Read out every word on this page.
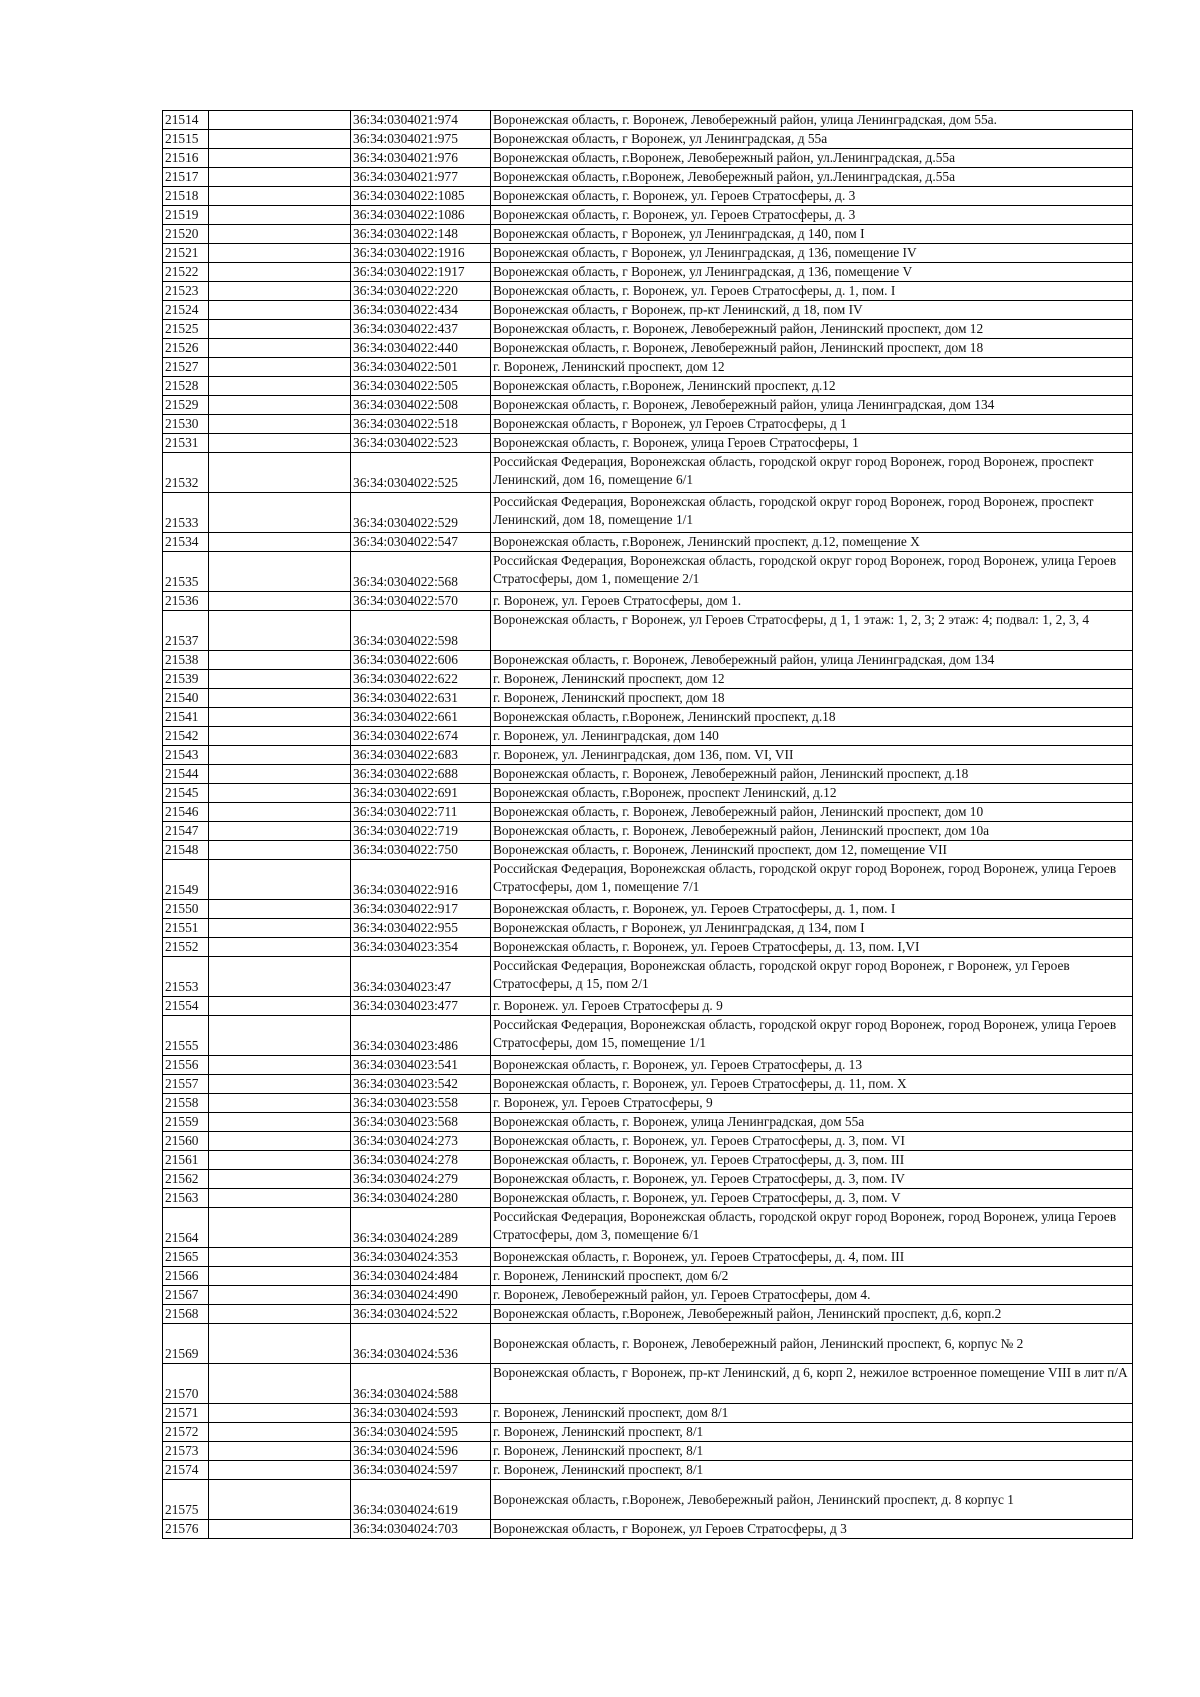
21514		36:34:0304021:974	Воронежская область, г. Воронеж, Левобережный район, улица Ленинградская, дом 55а.
21515		36:34:0304021:975	Воронежская область, г Воронеж, ул Ленинградская, д 55а
21516		36:34:0304021:976	Воронежская область, г.Воронеж, Левобережный район, ул.Ленинградская, д.55а
21517		36:34:0304021:977	Воронежская область, г.Воронеж, Левобережный район, ул.Ленинградская, д.55а
21518		36:34:0304022:1085	Воронежская область, г. Воронеж, ул. Героев Стратосферы, д. 3
21519		36:34:0304022:1086	Воронежская область, г. Воронеж, ул. Героев Стратосферы, д. 3
21520		36:34:0304022:148	Воронежская область, г Воронеж, ул Ленинградская, д 140, пом I
21521		36:34:0304022:1916	Воронежская область, г Воронеж, ул Ленинградская, д 136, помещение IV
21522		36:34:0304022:1917	Воронежская область, г Воронеж, ул Ленинградская, д 136, помещение V
21523		36:34:0304022:220	Воронежская область, г. Воронеж, ул. Героев Стратосферы, д. 1, пом. I
21524		36:34:0304022:434	Воронежская область, г Воронеж, пр-кт Ленинский, д 18, пом IV
21525		36:34:0304022:437	Воронежская область, г. Воронеж, Левобережный район, Ленинский проспект, дом 12
21526		36:34:0304022:440	Воронежская область, г. Воронеж, Левобережный район, Ленинский проспект, дом 18
21527		36:34:0304022:501	г. Воронеж, Ленинский проспект, дом 12
21528		36:34:0304022:505	Воронежская область, г.Воронеж, Ленинский проспект, д.12
21529		36:34:0304022:508	Воронежская область, г. Воронеж, Левобережный район, улица Ленинградская, дом 134
21530		36:34:0304022:518	Воронежская область, г Воронеж, ул Героев Стратосферы, д 1
21531		36:34:0304022:523	Воронежская область, г. Воронеж, улица Героев Стратосферы, 1
21532		36:34:0304022:525	Российская Федерация, Воронежская область, городской округ город Воронеж, город Воронеж, проспект Ленинский, дом 16, помещение 6/1
21533		36:34:0304022:529	Российская Федерация, Воронежская область, городской округ город Воронеж, город Воронеж, проспект Ленинский, дом 18, помещение 1/1
21534		36:34:0304022:547	Воронежская область, г.Воронеж, Ленинский проспект, д.12, помещение X
21535		36:34:0304022:568	Российская Федерация, Воронежская область, городской округ город Воронеж, город Воронеж, улица Героев Стратосферы, дом 1, помещение 2/1
21536		36:34:0304022:570	г. Воронеж, ул. Героев Стратосферы, дом 1.
21537		36:34:0304022:598	Воронежская область, г Воронеж, ул Героев Стратосферы, д 1, 1 этаж: 1, 2, 3; 2 этаж: 4; подвал: 1, 2, 3, 4
21538		36:34:0304022:606	Воронежская область, г. Воронеж, Левобережный район, улица Ленинградская, дом 134
21539		36:34:0304022:622	г. Воронеж, Ленинский проспект, дом 12
21540		36:34:0304022:631	г. Воронеж, Ленинский проспект, дом 18
21541		36:34:0304022:661	Воронежская область, г.Воронеж, Ленинский проспект, д.18
21542		36:34:0304022:674	г. Воронеж, ул. Ленинградская, дом 140
21543		36:34:0304022:683	г. Воронеж, ул. Ленинградская, дом 136, пом. VI, VII
21544		36:34:0304022:688	Воронежская область, г. Воронеж, Левобережный район, Ленинский проспект, д.18
21545		36:34:0304022:691	Воронежская область, г.Воронеж, проспект Ленинский, д.12
21546		36:34:0304022:711	Воронежская область, г. Воронеж, Левобережный район, Ленинский проспект, дом 10
21547		36:34:0304022:719	Воронежская область, г. Воронеж, Левобережный район, Ленинский проспект, дом 10а
21548		36:34:0304022:750	Воронежская область, г. Воронеж, Ленинский проспект, дом 12, помещение VII
21549		36:34:0304022:916	Российская Федерация, Воронежская область, городской округ город Воронеж, город Воронеж, улица Героев Стратосферы, дом 1, помещение 7/1
21550		36:34:0304022:917	Воронежская область, г. Воронеж, ул. Героев Стратосферы, д. 1, пом. I
21551		36:34:0304022:955	Воронежская область, г Воронеж, ул Ленинградская, д 134, пом I
21552		36:34:0304023:354	Воронежская область, г. Воронеж, ул. Героев Стратосферы, д. 13, пом. I,VI
21553		36:34:0304023:47	Российская Федерация, Воронежская область, городской округ город Воронеж, г Воронеж, ул Героев Стратосферы, д 15, пом 2/1
21554		36:34:0304023:477	г. Воронеж. ул. Героев Стратосферы д. 9
21555		36:34:0304023:486	Российская Федерация, Воронежская область, городской округ город Воронеж, город Воронеж, улица Героев Стратосферы, дом 15, помещение 1/1
21556		36:34:0304023:541	Воронежская область, г. Воронеж, ул. Героев Стратосферы, д. 13
21557		36:34:0304023:542	Воронежская область, г. Воронеж, ул. Героев Стратосферы, д. 11, пом. X
21558		36:34:0304023:558	г. Воронеж, ул. Героев Стратосферы, 9
21559		36:34:0304023:568	Воронежская область, г. Воронеж, улица Ленинградская, дом 55а
21560		36:34:0304024:273	Воронежская область, г. Воронеж, ул. Героев Стратосферы, д. 3, пом. VI
21561		36:34:0304024:278	Воронежская область, г. Воронеж, ул. Героев Стратосферы, д. 3, пом. III
21562		36:34:0304024:279	Воронежская область, г. Воронеж, ул. Героев Стратосферы, д. 3, пом. IV
21563		36:34:0304024:280	Воронежская область, г. Воронеж, ул. Героев Стратосферы, д. 3, пом. V
21564		36:34:0304024:289	Российская Федерация, Воронежская область, городской округ город Воронеж, город Воронеж, улица Героев Стратосферы, дом 3, помещение 6/1
21565		36:34:0304024:353	Воронежская область, г. Воронеж, ул. Героев Стратосферы, д. 4, пом. III
21566		36:34:0304024:484	г. Воронеж, Ленинский проспект, дом 6/2
21567		36:34:0304024:490	г. Воронеж, Левобережный район, ул. Героев Стратосферы, дом 4.
21568		36:34:0304024:522	Воронежская область, г.Воронеж, Левобережный район, Ленинский проспект, д.6, корп.2
21569		36:34:0304024:536	Воронежская область, г. Воронеж, Левобережный район, Ленинский проспект, 6, корпус № 2
21570		36:34:0304024:588	Воронежская область, г Воронеж, пр-кт Ленинский, д 6, корп 2, нежилое встроенное помещение VIII в лит п/А
21571		36:34:0304024:593	г. Воронеж, Ленинский проспект, дом 8/1
21572		36:34:0304024:595	г. Воронеж, Ленинский проспект, 8/1
21573		36:34:0304024:596	г. Воронеж, Ленинский проспект, 8/1
21574		36:34:0304024:597	г. Воронеж, Ленинский проспект, 8/1
21575		36:34:0304024:619	Воронежская область, г.Воронеж, Левобережный район, Ленинский проспект, д. 8 корпус 1
21576		36:34:0304024:703	Воронежская область, г Воронеж, ул Героев Стратосферы, д 3
